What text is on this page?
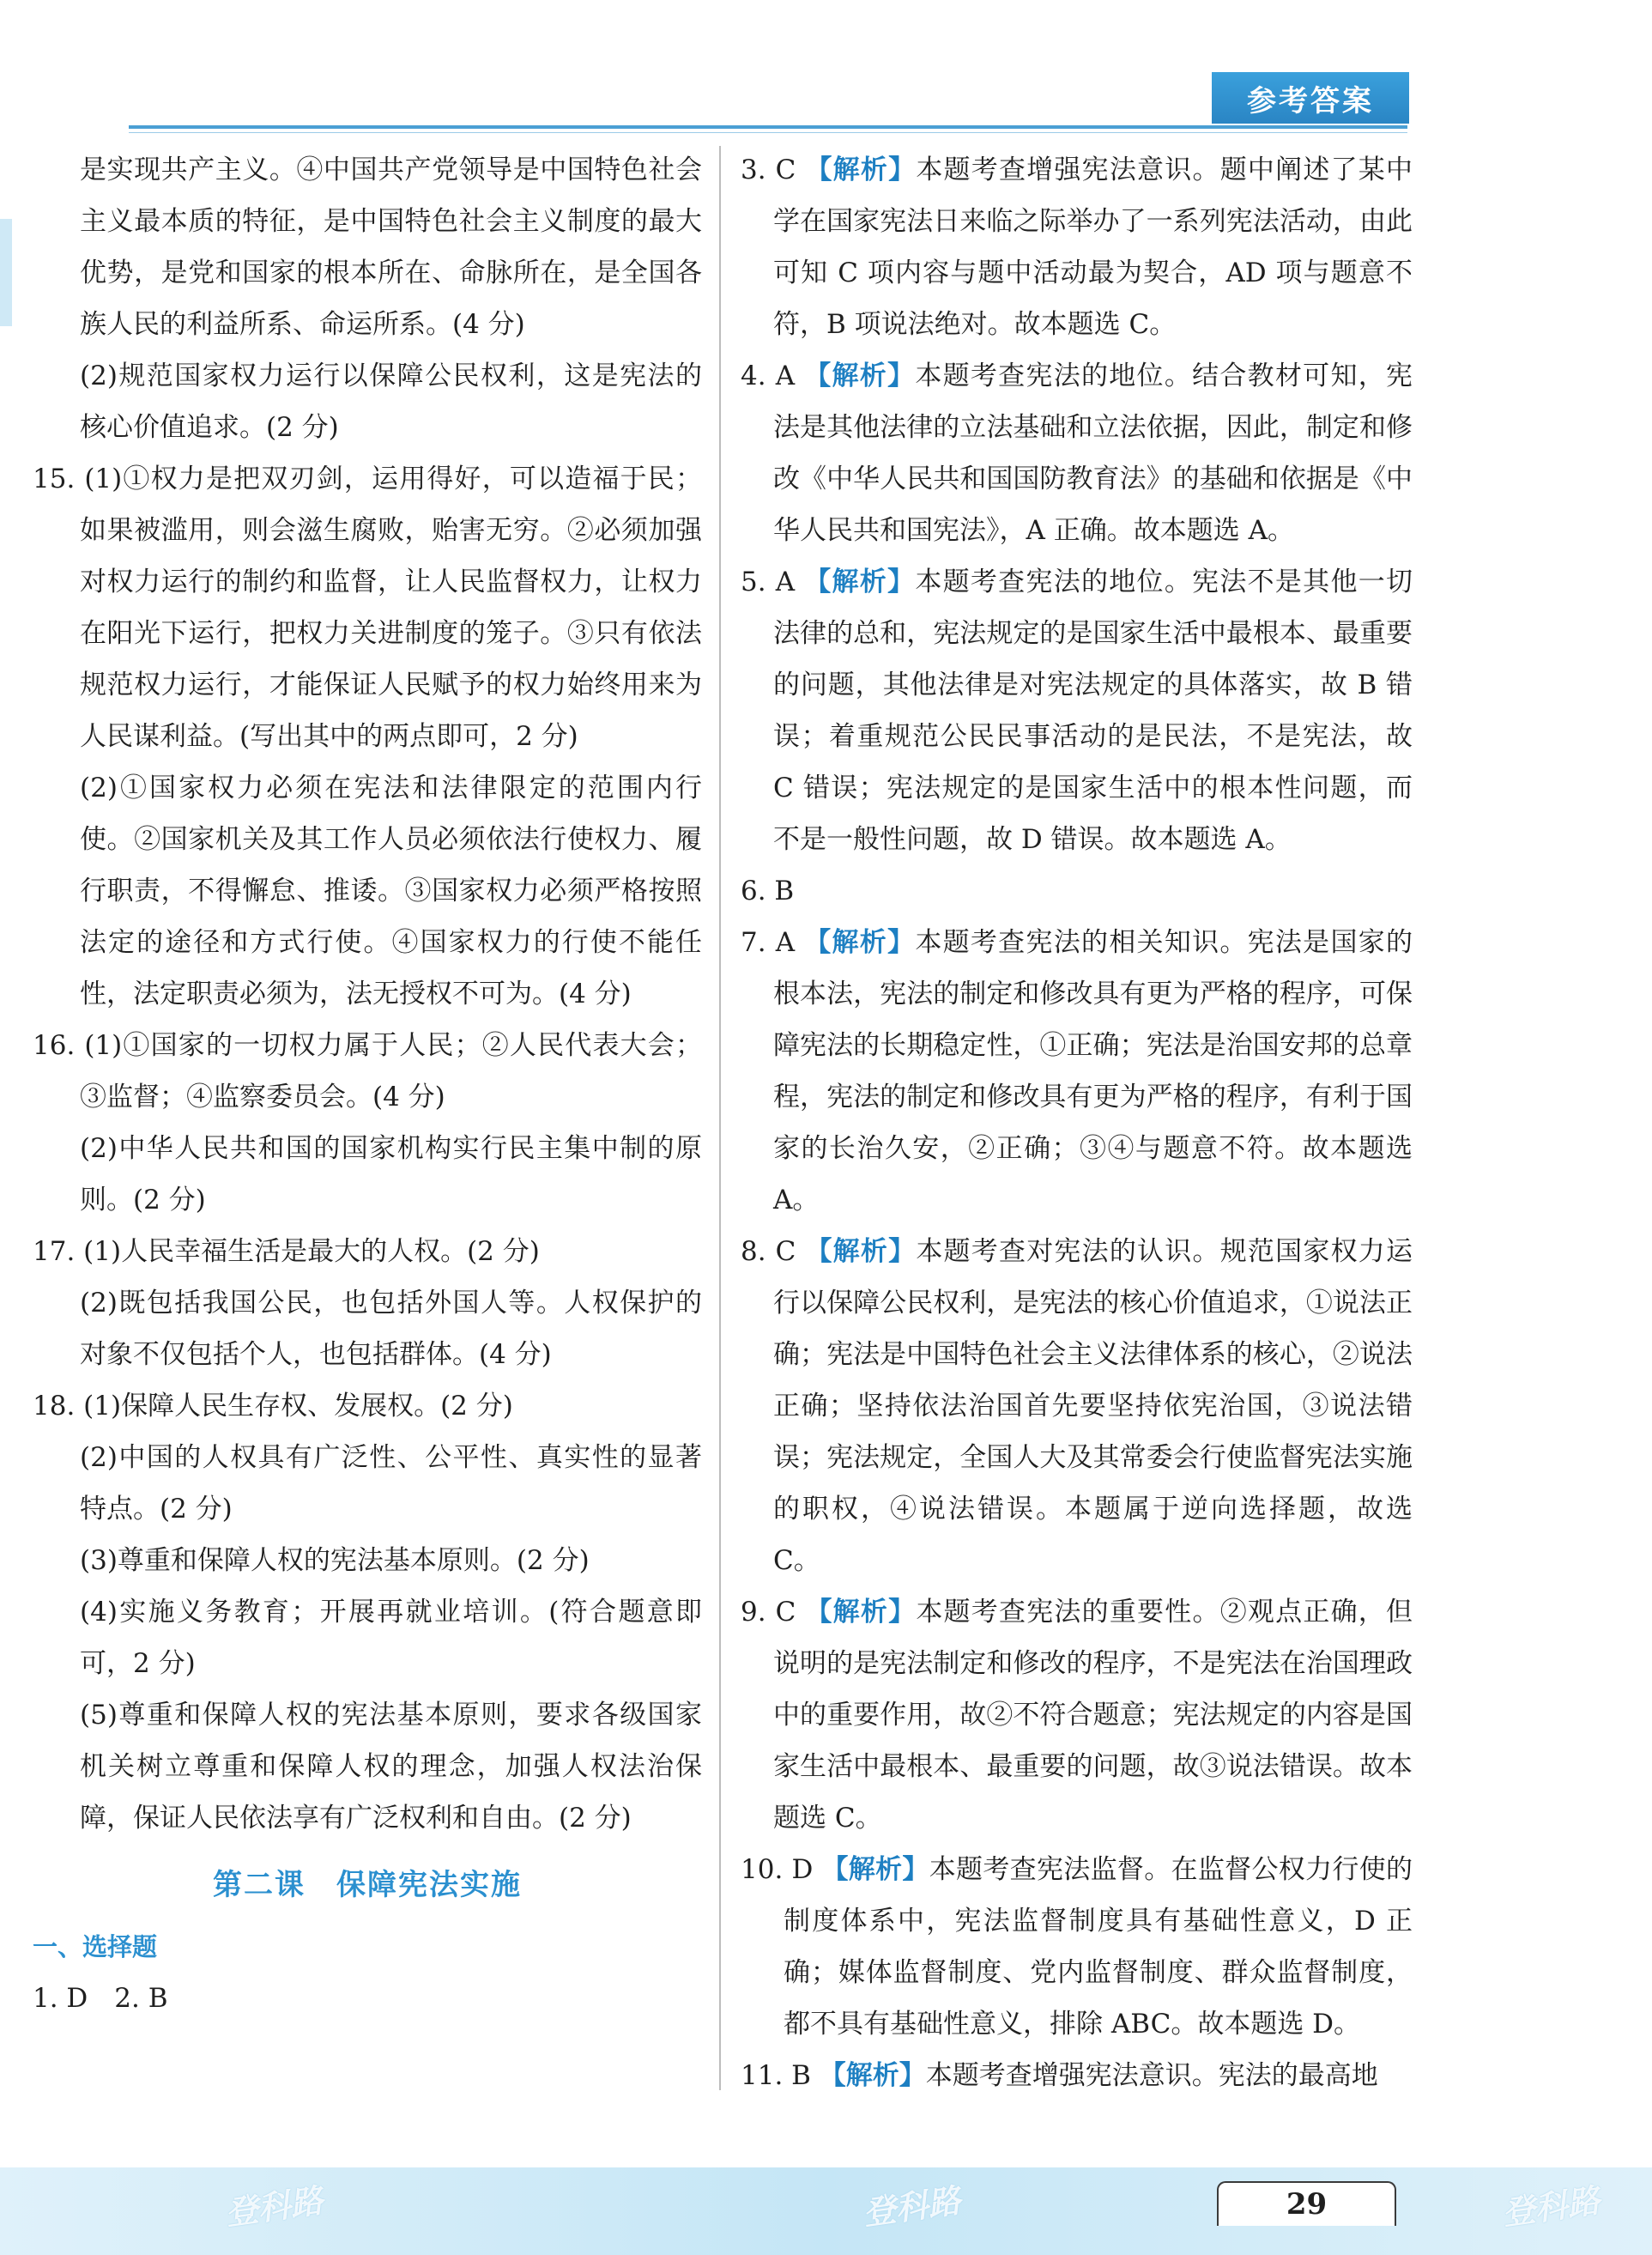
参考答案
是实现共产主义。④中国共产党领导是中国特色社会主义最本质的特征，是中国特色社会主义制度的最大优势，是党和国家的根本所在、命脉所在，是全国各族人民的利益所系、命运所系。(4 分)
(2)规范国家权力运行以保障公民权利，这是宪法的核心价值追求。(2 分)
15. (1)①权力是把双刃剑，运用得好，可以造福于民；如果被滥用，则会滋生腐败，贻害无穷。②必须加强对权力运行的制约和监督，让人民监督权力，让权力在阳光下运行，把权力关进制度的笼子。③只有依法规范权力运行，才能保证人民赋予的权力始终用来为人民谋利益。(写出其中的两点即可，2 分)
(2)①国家权力必须在宪法和法律限定的范围内行使。②国家机关及其工作人员必须依法行使权力、履行职责，不得懈怠、推诿。③国家权力必须严格按照法定的途径和方式行使。④国家权力的行使不能任性，法定职责必须为，法无授权不可为。(4 分)
16. (1)①国家的一切权力属于人民；②人民代表大会；③监督；④监察委员会。(4 分)
(2)中华人民共和国的国家机构实行民主集中制的原则。(2 分)
17. (1)人民幸福生活是最大的人权。(2 分)
(2)既包括我国公民，也包括外国人等。人权保护的对象不仅包括个人，也包括群体。(4 分)
18. (1)保障人民生存权、发展权。(2 分)
(2)中国的人权具有广泛性、公平性、真实性的显著特点。(2 分)
(3)尊重和保障人权的宪法基本原则。(2 分)
(4)实施义务教育；开展再就业培训。(符合题意即可，2 分)
(5)尊重和保障人权的宪法基本原则，要求各级国家机关树立尊重和保障人权的理念，加强人权法治保障，保证人民依法享有广泛权利和自由。(2 分)
第二课　保障宪法实施
一、选择题
1. D　2. B
3. C 【解析】本题考查增强宪法意识。题中阐述了某中学在国家宪法日来临之际举办了一系列宪法活动，由此可知 C 项内容与题中活动最为契合，AD 项与题意不符，B 项说法绝对。故本题选 C。
4. A 【解析】本题考查宪法的地位。结合教材可知，宪法是其他法律的立法基础和立法依据，因此，制定和修改《中华人民共和国国防教育法》的基础和依据是《中华人民共和国宪法》，A 正确。故本题选 A。
5. A 【解析】本题考查宪法的地位。宪法不是其他一切法律的总和，宪法规定的是国家生活中最根本、最重要的问题，其他法律是对宪法规定的具体落实，故 B 错误；着重规范公民民事活动的是民法，不是宪法，故 C 错误；宪法规定的是国家生活中的根本性问题，而不是一般性问题，故 D 错误。故本题选 A。
6. B
7. A 【解析】本题考查宪法的相关知识。宪法是国家的根本法，宪法的制定和修改具有更为严格的程序，可保障宪法的长期稳定性，①正确；宪法是治国安邦的总章程，宪法的制定和修改具有更为严格的程序，有利于国家的长治久安，②正确；③④与题意不符。故本题选 A。
8. C 【解析】本题考查对宪法的认识。规范国家权力运行以保障公民权利，是宪法的核心价值追求，①说法正确；宪法是中国特色社会主义法律体系的核心，②说法正确；坚持依法治国首先要坚持依宪治国，③说法错误；宪法规定，全国人大及其常委会行使监督宪法实施的职权，④说法错误。本题属于逆向选择题，故选 C。
9. C 【解析】本题考查宪法的重要性。②观点正确，但说明的是宪法制定和修改的程序，不是宪法在治国理政中的重要作用，故②不符合题意；宪法规定的内容是国家生活中最根本、最重要的问题，故③说法错误。故本题选 C。
10. D 【解析】本题考查宪法监督。在监督公权力行使的制度体系中，宪法监督制度具有基础性意义，D 正确；媒体监督制度、党内监督制度、群众监督制度，都不具有基础性意义，排除 ABC。故本题选 D。
11. B 【解析】本题考查增强宪法意识。宪法的最高地
登科路	登科路	登科路
29
